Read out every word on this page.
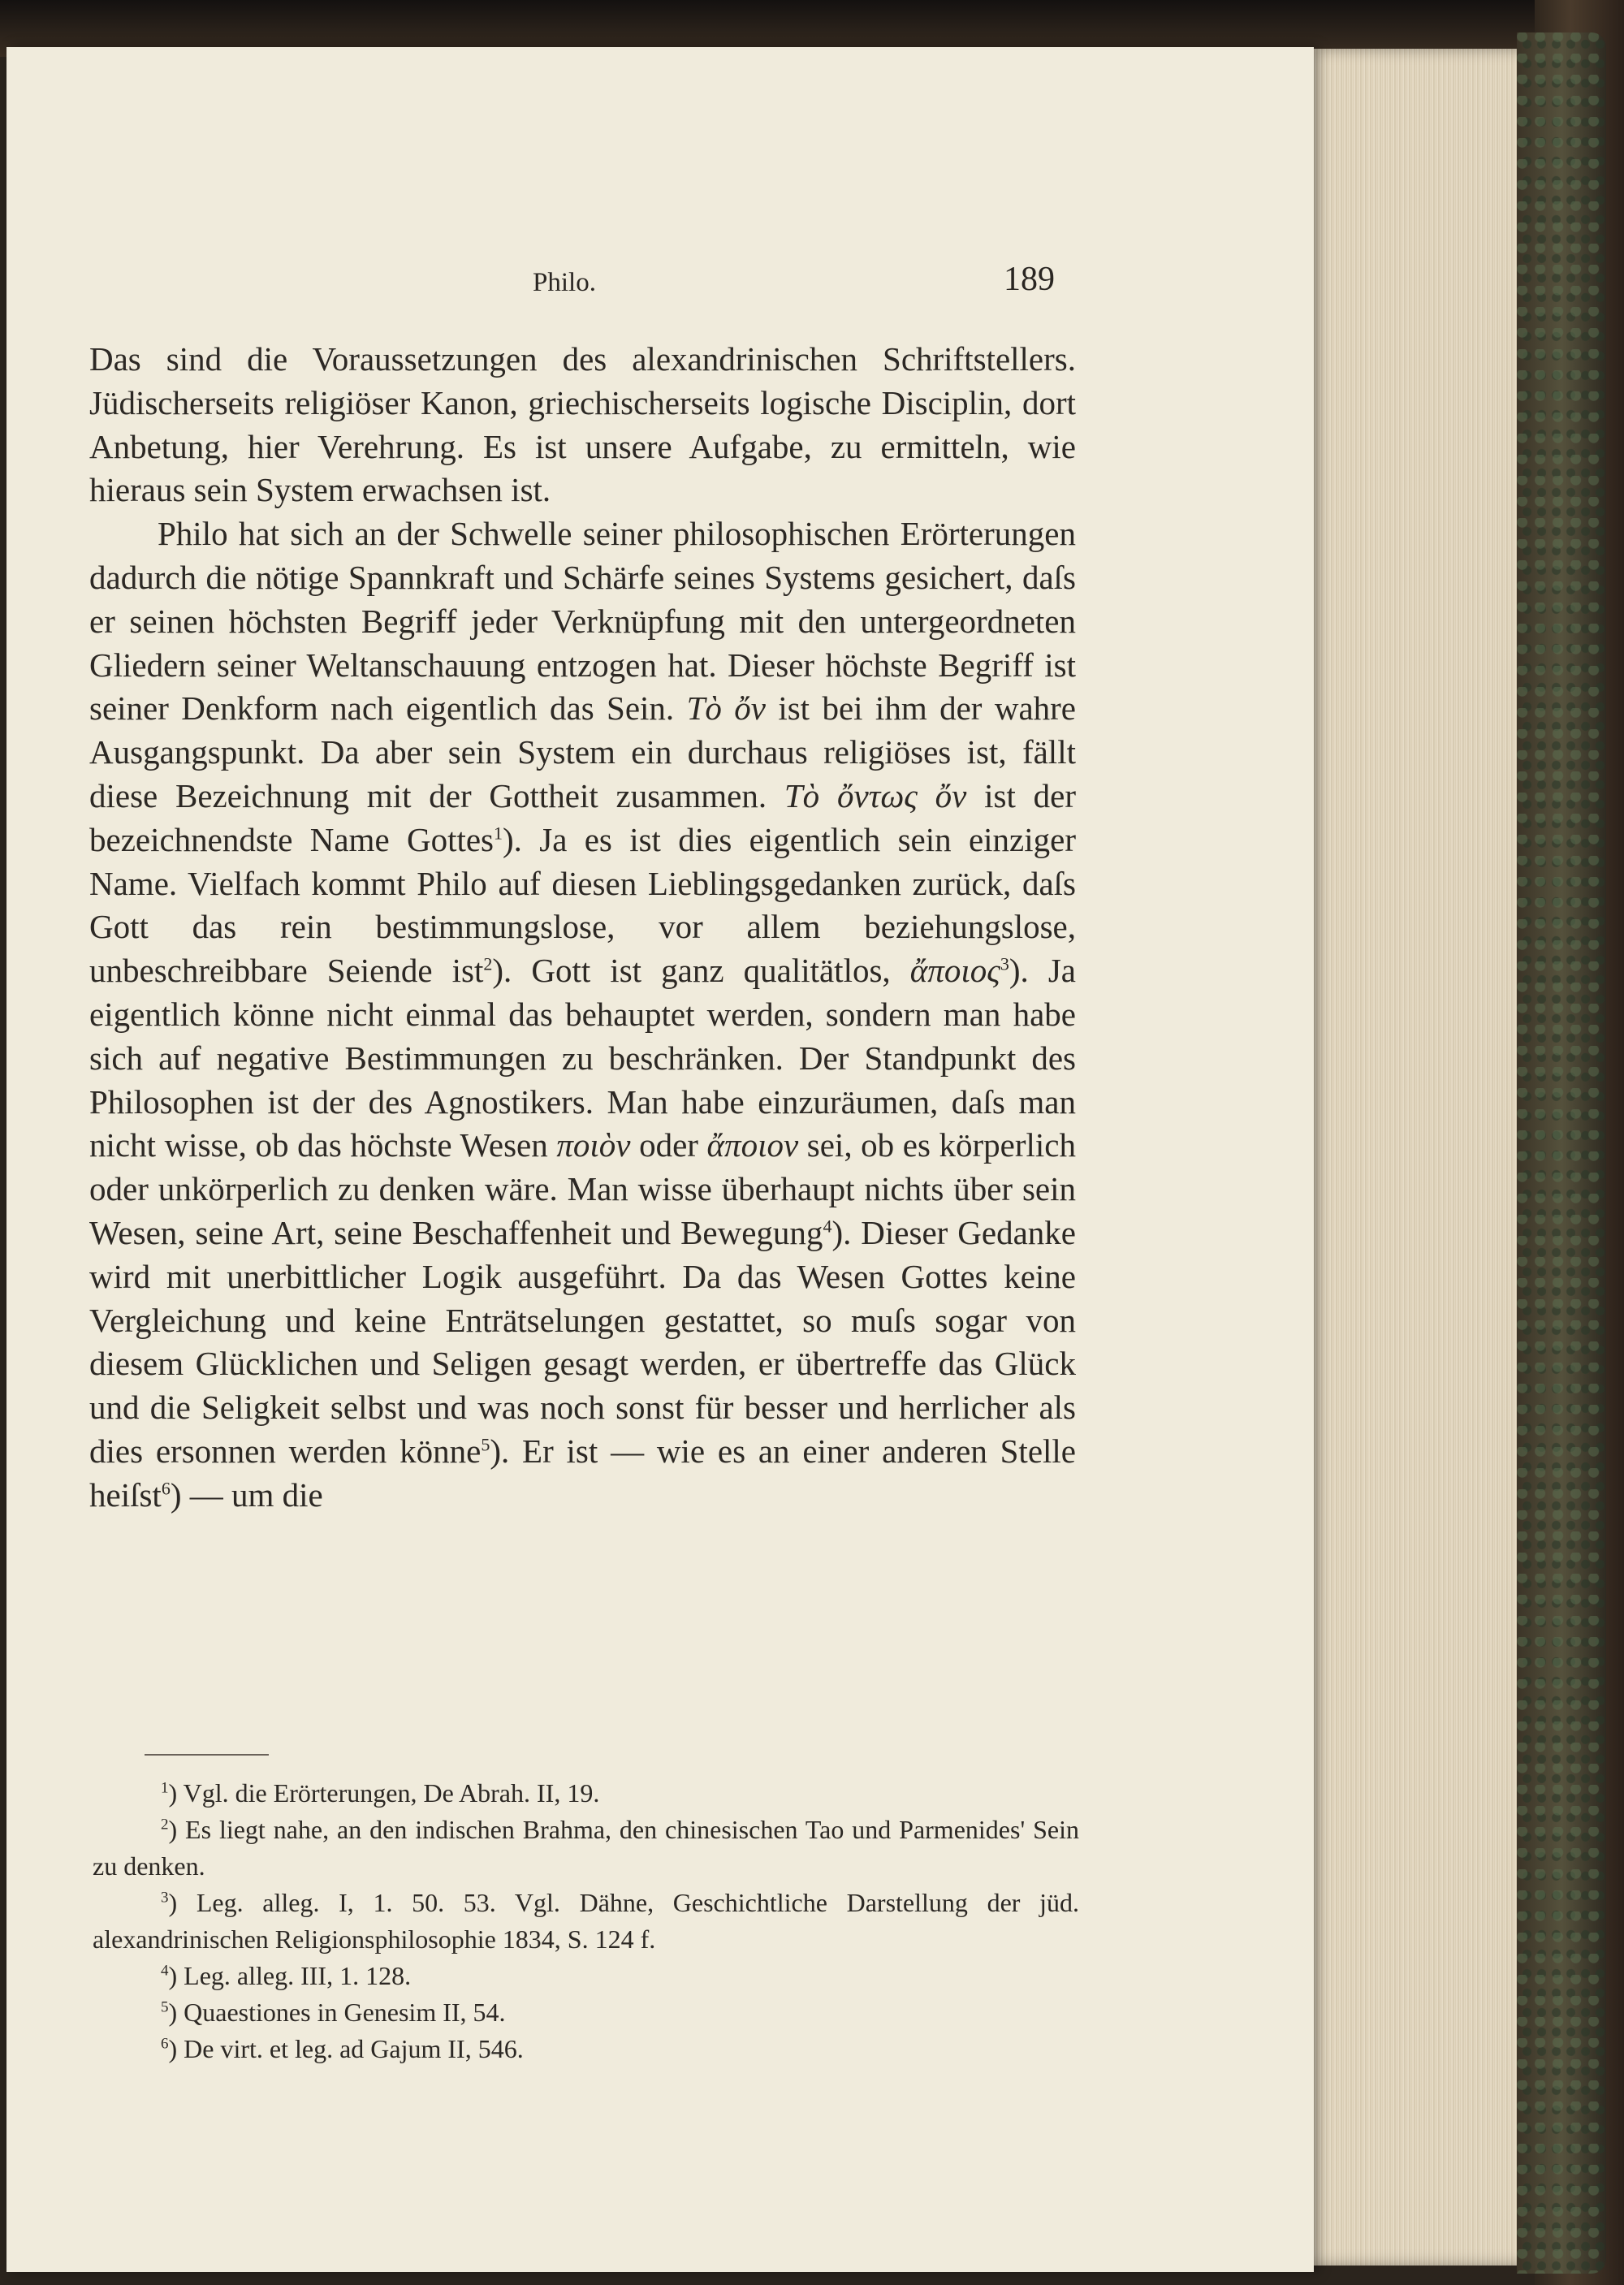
Philo.	189

Das sind die Voraussetzungen des alexandrinischen Schriftstellers. Jüdischerseits religiöser Kanon, griechischerseits logische Disciplin, dort Anbetung, hier Verehrung. Es ist unsere Aufgabe, zu ermitteln, wie hieraus sein System erwachsen ist.

Philo hat sich an der Schwelle seiner philosophischen Erörterungen dadurch die nötige Spannkraft und Schärfe seines Systems gesichert, daſs er seinen höchsten Begriff jeder Verknüpfung mit den untergeordneten Gliedern seiner Weltanschauung entzogen hat. Dieser höchste Begriff ist seiner Denkform nach eigentlich das Sein. Τὸ ὄν ist bei ihm der wahre Ausgangspunkt. Da aber sein System ein durchaus religiöses ist, fällt diese Bezeichnung mit der Gottheit zusammen. Τὸ ὄντως ὄν ist der bezeichnendste Name Gottes$^1$). Ja es ist dies eigentlich sein einziger Name. Vielfach kommt Philo auf diesen Lieblingsgedanken zurück, daſs Gott das rein bestimmungslose, vor allem beziehungslose, unbeschreibbare Seiende ist$^2$). Gott ist ganz qualitätlos, ἄποιος$^3$). Ja eigentlich könne nicht einmal das behauptet werden, sondern man habe sich auf negative Bestimmungen zu beschränken. Der Standpunkt des Philosophen ist der des Agnostikers. Man habe einzuräumen, daſs man nicht wisse, ob das höchste Wesen ποιὸν oder ἄποιον sei, ob es körperlich oder unkörperlich zu denken wäre. Man wisse überhaupt nichts über sein Wesen, seine Art, seine Beschaffenheit und Bewegung$^4$). Dieser Gedanke wird mit unerbittlicher Logik ausgeführt. Da das Wesen Gottes keine Vergleichung und keine Enträtselungen gestattet, so muſs sogar von diesem Glücklichen und Seligen gesagt werden, er übertreffe das Glück und die Seligkeit selbst und was noch sonst für besser und herrlicher als dies ersonnen werden könne$^5$). Er ist — wie es an einer anderen Stelle heiſst$^6$) — um die

$^1$) Vgl. die Erörterungen, De Abrah. II, 19.
$^2$) Es liegt nahe, an den indischen Brahma, den chinesischen Tao und Parmenides' Sein zu denken.
$^3$) Leg. alleg. I, 1. 50. 53. Vgl. Dähne, Geschichtliche Darstellung der jüd. alexandrinischen Religionsphilosophie 1834, S. 124 f.
$^4$) Leg. alleg. III, 1. 128.
$^5$) Quaestiones in Genesim II, 54.
$^6$) De virt. et leg. ad Gajum II, 546.
